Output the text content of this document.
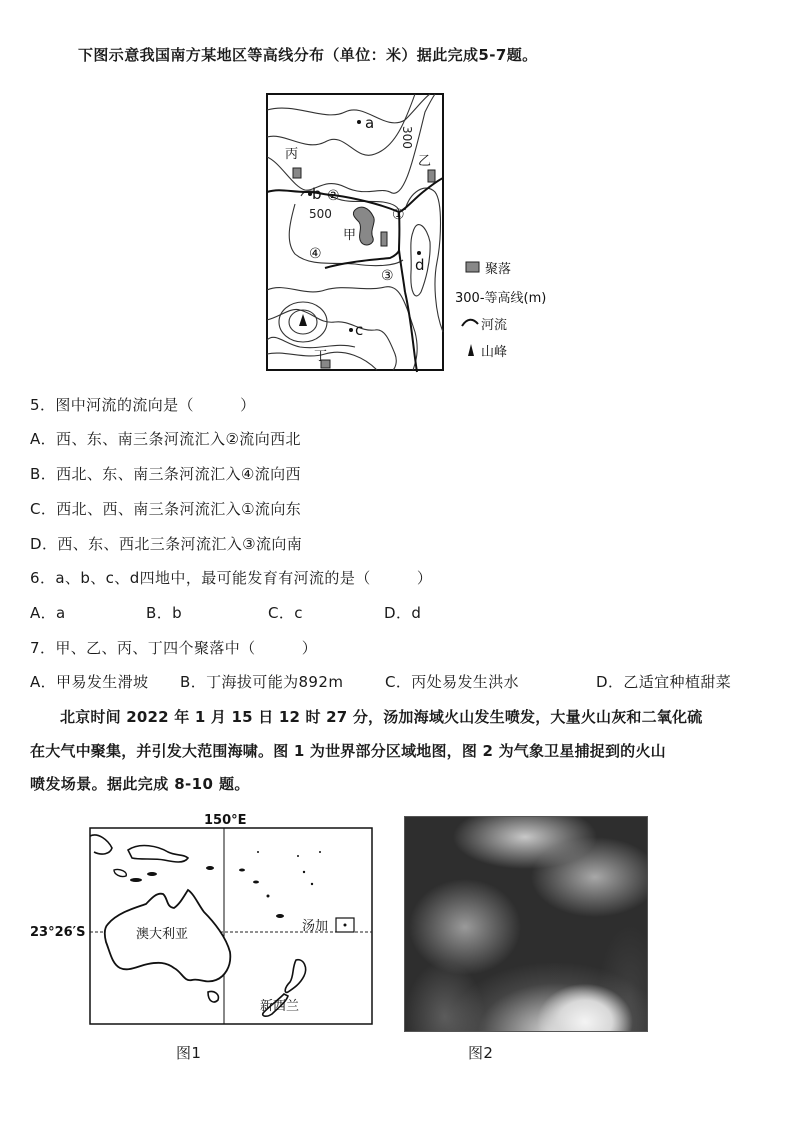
下图示意我国南方某地区等高线分布（单位：米）据此完成5-7题。
300
500
a
b
c
d
甲
乙
丙
丁
①
②
③
④
聚落
300-等高线(m)
河流
山峰
5．图中河流的流向是（　　　）
A．西、东、南三条河流汇入②流向西北
B．西北、东、南三条河流汇入④流向西
C．西北、西、南三条河流汇入①流向东
D．西、东、西北三条河流汇入③流向南
6．a、b、c、d四地中，最可能发育有河流的是（　　　）
A．a	B．b	C．c	D．d
7．甲、乙、丙、丁四个聚落中（　　　）
A．甲易发生滑坡 B．丁海拔可能为892m	C．丙处易发生洪水	D．乙适宜种植甜菜
北京时间 2022 年 1 月 15 日 12 时 27 分，汤加海域火山发生喷发，大量火山灰和二氧化硫
在大气中聚集，并引发大范围海啸。图 1 为世界部分区域地图，图 2 为气象卫星捕捉到的火山
喷发场景。据此完成 8-10 题。
150°E
23°26′S	澳大利亚
汤加
新西兰
图1	图2
